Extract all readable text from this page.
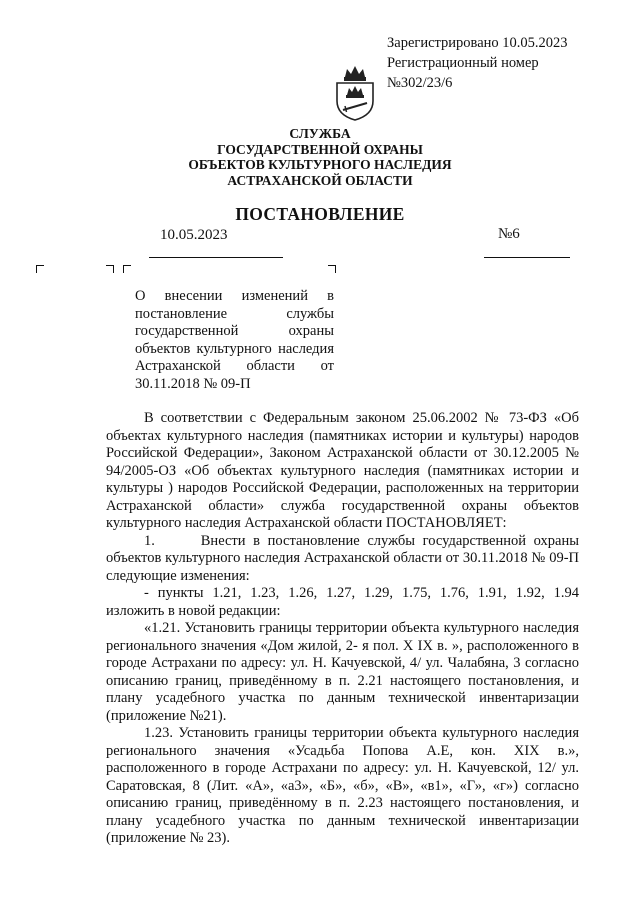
Зарегистрировано 10.05.2023
Регистрационный номер
№302/23/6
СЛУЖБА
ГОСУДАРСТВЕННОЙ ОХРАНЫ
ОБЪЕКТОВ КУЛЬТУРНОГО НАСЛЕДИЯ
АСТРАХАНСКОЙ ОБЛАСТИ
ПОСТАНОВЛЕНИЕ
10.05.2023	№6
О внесении изменений в постановление службы государственной охраны объектов культурного наследия Астраханской области от 30.11.2018 № 09-П

В соответствии с Федеральным законом 25.06.2002 № 73-ФЗ «Об объектах культурного наследия (памятниках истории и культуры) народов Российской Федерации», Законом Астраханской области от 30.12.2005 № 94/2005-ОЗ «Об объектах культурного наследия (памятниках истории и культуры ) народов Российской Федерации, расположенных на территории Астраханской области» служба государственной охраны объектов культурного наследия Астраханской области ПОСТАНОВЛЯЕТ:

1.      Внести в постановление службы государственной охраны объектов культурного наследия Астраханской области от 30.11.2018 № 09-П следующие изменения:

- пункты 1.21, 1.23, 1.26, 1.27, 1.29, 1.75, 1.76, 1.91, 1.92, 1.94 изложить в новой редакции:

«1.21. Установить границы территории объекта культурного наследия регионального значения «Дом жилой, 2- я пол. X IX в. », расположенного в городе Астрахани по адресу: ул. Н. Качуевской, 4/ ул. Чалабяна, 3 согласно описанию границ, приведённому в п. 2.21 настоящего постановления, и плану усадебного участка по данным технической инвентаризации (приложение №21).

1.23. Установить границы территории объекта культурного наследия регионального значения «Усадьба Попова А.Е, кон. XIX в.», расположенного в городе Астрахани по адресу: ул. Н. Качуевской, 12/ ул. Саратовская, 8 (Лит. «А», «а3», «Б», «б», «В», «в1», «Г», «г») согласно описанию границ, приведённому в п. 2.23 настоящего постановления, и плану усадебного участка по данным технической инвентаризации (приложение № 23).
